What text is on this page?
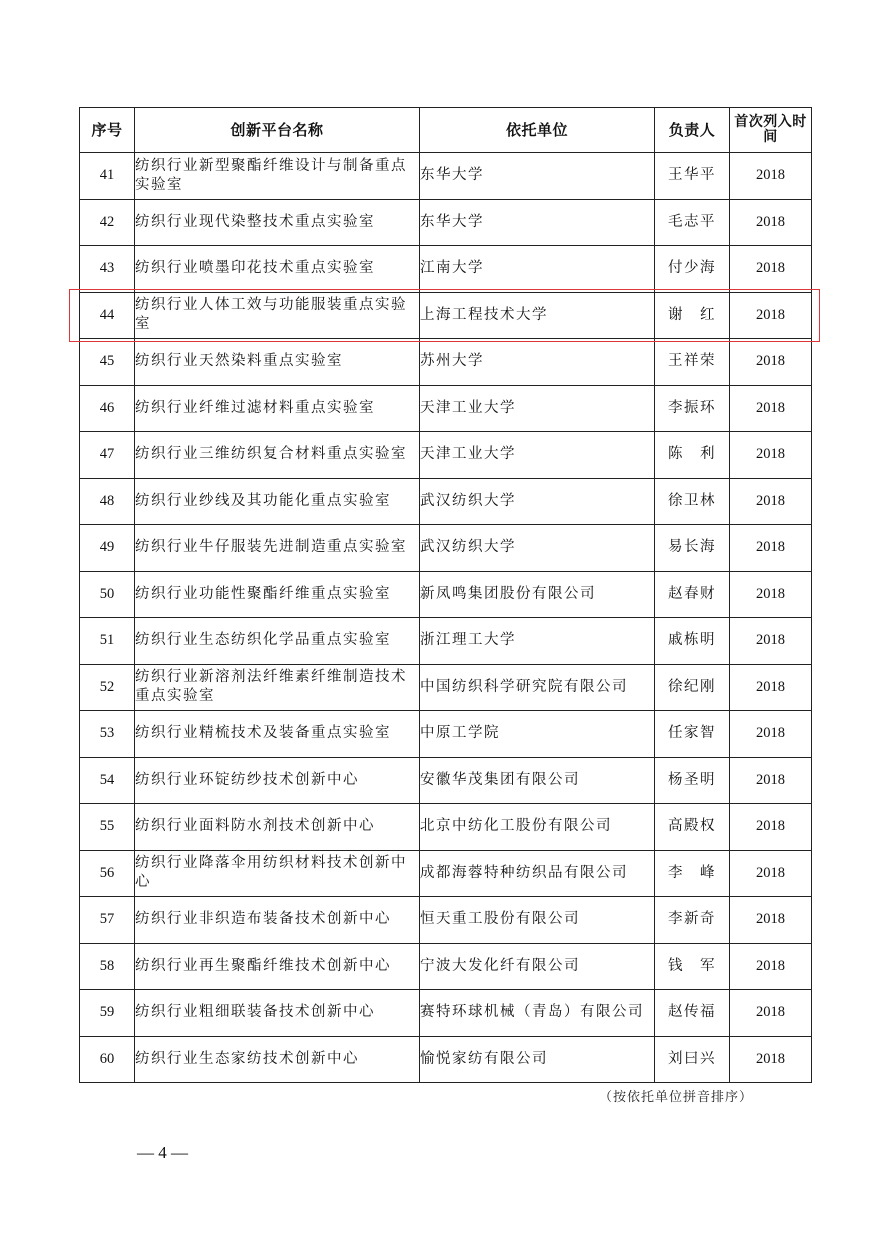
序号	创新平台名称	依托单位	负责人	首次列入时间
41	纺织行业新型聚酯纤维设计与制备重点实验室	东华大学	王华平	2018
42	纺织行业现代染整技术重点实验室	东华大学	毛志平	2018
43	纺织行业喷墨印花技术重点实验室	江南大学	付少海	2018
44	纺织行业人体工效与功能服装重点实验室	上海工程技术大学	谢　红	2018
45	纺织行业天然染料重点实验室	苏州大学	王祥荣	2018
46	纺织行业纤维过滤材料重点实验室	天津工业大学	李振环	2018
47	纺织行业三维纺织复合材料重点实验室	天津工业大学	陈　利	2018
48	纺织行业纱线及其功能化重点实验室	武汉纺织大学	徐卫林	2018
49	纺织行业牛仔服装先进制造重点实验室	武汉纺织大学	易长海	2018
50	纺织行业功能性聚酯纤维重点实验室	新凤鸣集团股份有限公司	赵春财	2018
51	纺织行业生态纺织化学品重点实验室	浙江理工大学	戚栋明	2018
52	纺织行业新溶剂法纤维素纤维制造技术重点实验室	中国纺织科学研究院有限公司	徐纪刚	2018
53	纺织行业精梳技术及装备重点实验室	中原工学院	任家智	2018
54	纺织行业环锭纺纱技术创新中心	安徽华茂集团有限公司	杨圣明	2018
55	纺织行业面料防水剂技术创新中心	北京中纺化工股份有限公司	高殿权	2018
56	纺织行业降落伞用纺织材料技术创新中心	成都海蓉特种纺织品有限公司	李　峰	2018
57	纺织行业非织造布装备技术创新中心	恒天重工股份有限公司	李新奇	2018
58	纺织行业再生聚酯纤维技术创新中心	宁波大发化纤有限公司	钱　军	2018
59	纺织行业粗细联装备技术创新中心	赛特环球机械（青岛）有限公司	赵传福	2018
60	纺织行业生态家纺技术创新中心	愉悦家纺有限公司	刘曰兴	2018
（按依托单位拼音排序）
— 4 —
